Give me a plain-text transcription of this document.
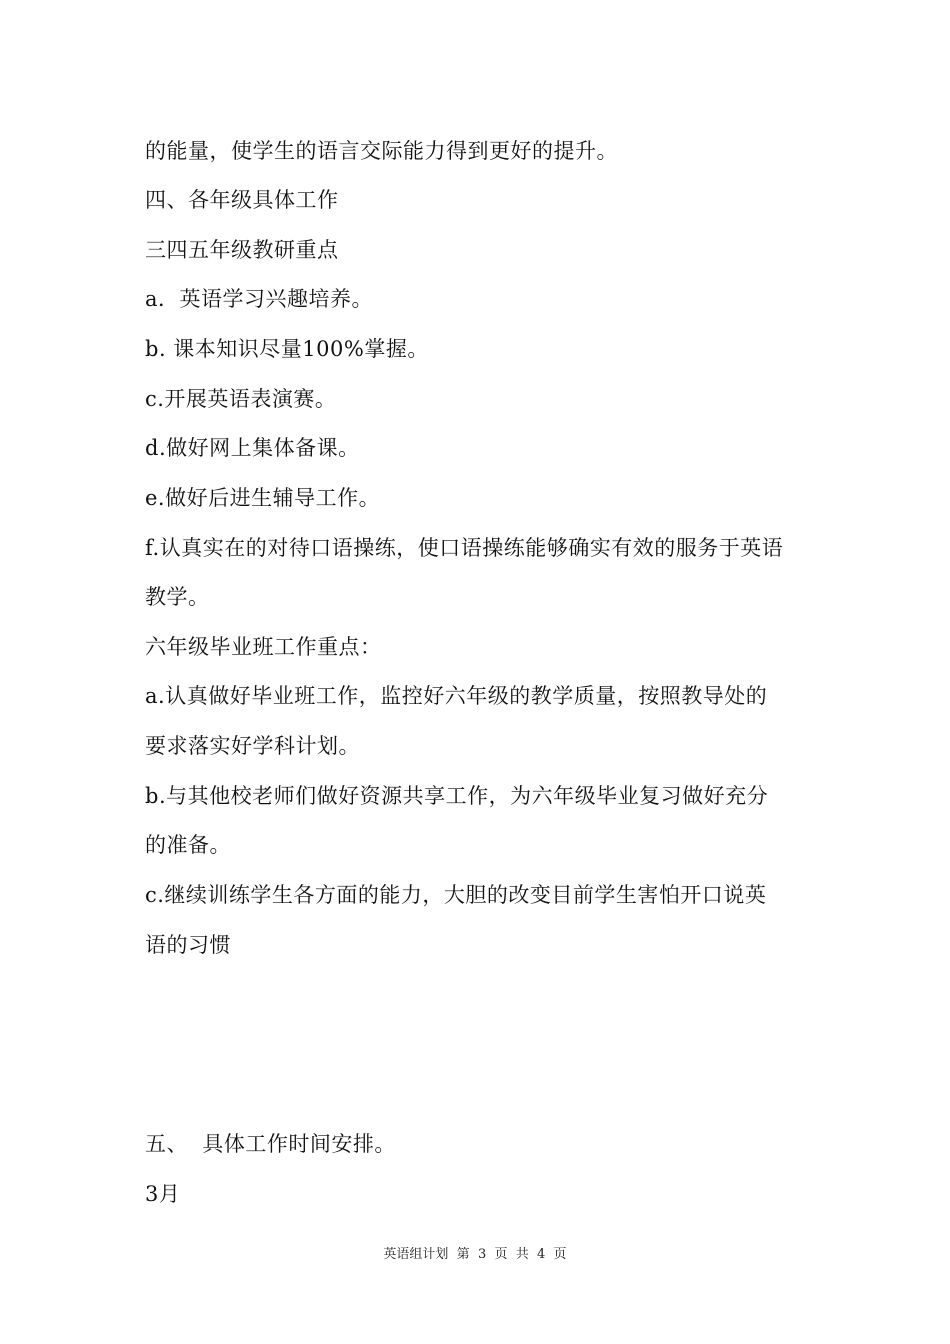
的能量，使学生的语言交际能力得到更好的提升。
四、各年级具体工作
三四五年级教研重点
a．英语学习兴趣培养。
b. 课本知识尽量100%掌握。
c.开展英语表演赛。
d.做好网上集体备课。
e.做好后进生辅导工作。
f.认真实在的对待口语操练，使口语操练能够确实有效的服务于英语
教学。
六年级毕业班工作重点：
a.认真做好毕业班工作，监控好六年级的教学质量，按照教导处的
要求落实好学科计划。
b.与其他校老师们做好资源共享工作，为六年级毕业复习做好充分
的准备。
c.继续训练学生各方面的能力，大胆的改变目前学生害怕开口说英
语的习惯
五、  具体工作时间安排。
3月
英语组计划  第  3  页  共  4  页
